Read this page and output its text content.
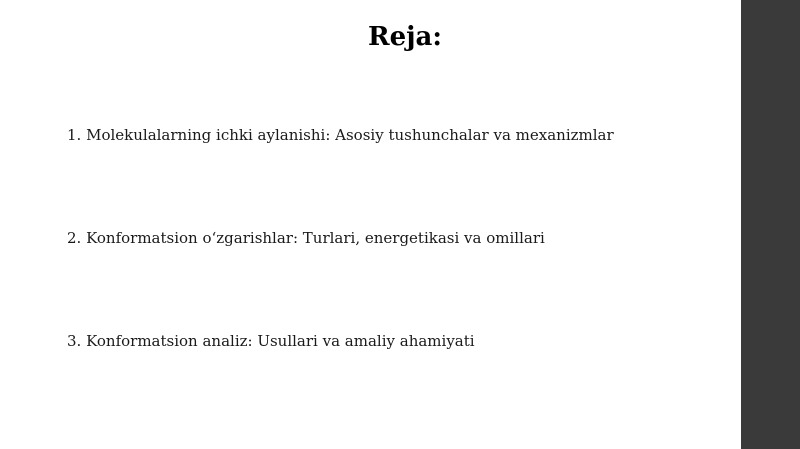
Reja:
1. Molekulalarning ichki aylanishi: Asosiy tushunchalar va mexanizmlar
2. Konformatsion o‘zgarishlar: Turlari, energetikasi va omillari
3. Konformatsion analiz: Usullari va amaliy ahamiyati
